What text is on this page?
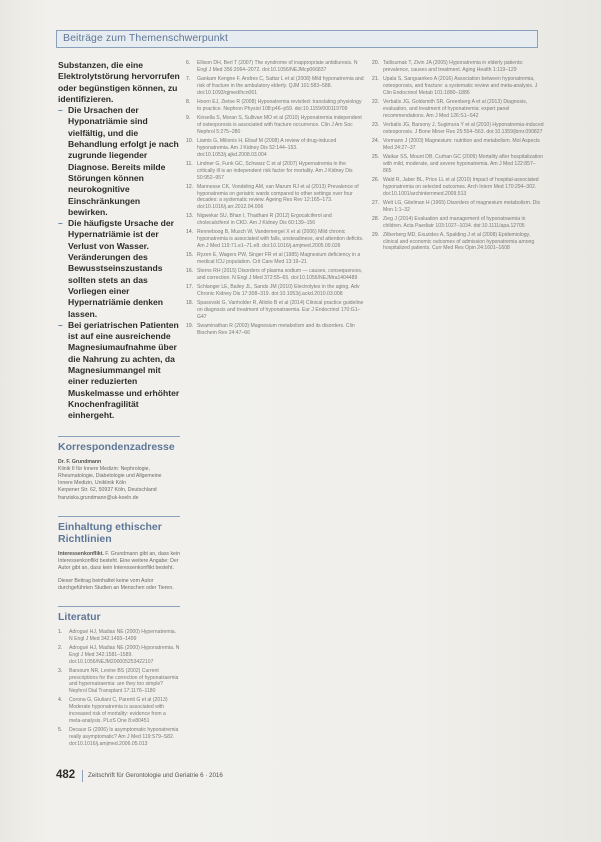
Beiträge zum Themenschwerpunkt

Substanzen, die eine Elektrolytstörung hervorrufen oder begünstigen können, zu identifizieren.

– Die Ursachen der Hyponatriämie sind vielfältig, und die Behandlung erfolgt je nach zugrunde liegender Diagnose. Bereits milde Störungen können neurokognitive Einschränkungen bewirken.
– Die häufigste Ursache der Hypernatriämie ist der Verlust von Wasser. Veränderungen des Bewusstseinszustands sollten stets an das Vorliegen einer Hypernatriämie denken lassen.
– Bei geriatrischen Patienten ist auf eine ausreichende Magnesiumaufnahme über die Nahrung zu achten, da Magnesiummangel mit einer reduzierten Muskelmasse und erhöhter Knochenfragilität einhergeht.
Korrespondenzadresse

Dr. F. Grundmann

Klinik II für Innere Medizin: Nephrologie,

Rheumatologie, Diabetologie und Allgemeine

Innere Medizin, Uniklinik Köln

Kerpener Str. 62, 50937 Köln, Deutschland

franziska.grundmann@uk-koeln.de

Einhaltung ethischer Richtlinien

Interessenkonflikt. F. Grundmann gibt an, dass kein Interessenkonflikt besteht. Eine weitere Angabe: Der Autor gibt an, dass kein Interessenkonflikt besteht.

Dieser Beitrag beinhaltet keine vom Autor durchgeführten Studien an Menschen oder Tieren.

Literatur
1. Adrogué HJ, Madias NE (2000) Hypernatremia. N Engl J Med 342:1493–1499
2. Adrogué HJ, Madias NE (2000) Hyponatremia. N Engl J Med 342:1581–1589. doi:10.1056/NEJM200005253422107
3. Barsoum NR, Levine BS (2002) Current prescriptions for the correction of hyponatraemia and hypernatraemia: are they too simple? Nephrol Dial Transplant 17:1176–1180
4. Corona G, Giuliani C, Parenti G et al (2013) Moderate hyponatremia is associated with increased risk of mortality: evidence from a meta-analysis. PLoS One 8:e80451
5. Decaux G (2006) Is asymptomatic hyponatremia really asymptomatic? Am J Med 119:S79–S82. doi:10.1016/j.amjmed.2006.05.013
6. Ellison DH, Berl T (2007) The syndrome of inappropriate antidiuresis. N Engl J Med 356:2064–2072. doi:10.1056/NEJMcp066837
7. Gankam Kengne F, Andres C, Sattar L et al (2008) Mild hyponatremia and risk of fracture in the ambulatory elderly. QJM 101:583–588. doi:10.1093/qjmed/hcn061
8. Hoorn EJ, Zietse R (2008) Hyponatremia revisited: translating physiology to practice. Nephron Physiol 108:p46–p59. doi:10.1159/000119709
9. Kinsella S, Moran S, Sullivan MO et al (2010) Hyponatremia independent of osteoporosis is associated with fracture occurrence. Clin J Am Soc Nephrol 5:275–280
10. Liamis G, Milionis H, Elisaf M (2008) A review of drug-induced hyponatremia. Am J Kidney Dis 52:144–153. doi:10.1053/j.ajkd.2008.03.004
11. Lindner G, Funk GC, Schwarz C et al (2007) Hypernatremia in the critically ill is an independent risk factor for mortality. Am J Kidney Dis 50:952–957
12. Mannesse CK, Vondeling AM, van Marum RJ et al (2013) Prevalence of hyponatremia on geriatric wards compared to other settings over four decades: a systematic review. Ageing Res Rev 12:165–173. doi:10.1016/j.arr.2012.04.006
13. Nigwekar SU, Bhan I, Thadhani R (2012) Ergocalciferol and cholecalciferol in CKD. Am J Kidney Dis 60:139–156
14. Renneboog B, Musch W, Vandemergel X et al (2006) Mild chronic hyponatremia is associated with falls, unsteadiness, and attention deficits. Am J Med 119:71.e1–71.e8. doi:10.1016/j.amjmed.2005.09.026
15. Ryzen E, Wagers PW, Singer FR et al (1985) Magnesium deficiency in a medical ICU population. Crit Care Med 13:19–21
16. Sterns RH (2015) Disorders of plasma sodium — causes, consequences, and correction. N Engl J Med 372:55–65. doi:10.1056/NEJMra1404489
17. Schlanger LE, Bailey JL, Sands JM (2010) Electrolytes in the aging. Adv Chronic Kidney Dis 17:308–319. doi:10.1053/j.ackd.2010.03.008
18. Spasovski G, Vanholder R, Allolio B et al (2014) Clinical practice guideline on diagnosis and treatment of hyponatraemia. Eur J Endocrinol 170:G1–G47
19. Swaminathan R (2003) Magnesium metabolism and its disorders. Clin Biochem Rev 24:47–66
20. Tatlisumak T, Zivin JA (2005) Hyponatremia in elderly patients: prevalence, causes and treatment. Aging Health 1:119–129
21. Upala S, Sanguankeo A (2016) Association between hyponatremia, osteoporosis, and fracture: a systematic review and meta-analysis. J Clin Endocrinol Metab 101:1880–1886
22. Verbalis JG, Goldsmith SR, Greenberg A et al (2013) Diagnosis, evaluation, and treatment of hyponatremia: expert panel recommendations. Am J Med 126:S1–S42
23. Verbalis JG, Barsony J, Sugimura Y et al (2010) Hyponatremia-induced osteoporosis. J Bone Miner Res 25:554–563. doi:10.1359/jbmr.090827
24. Vormann J (2003) Magnesium: nutrition and metabolism. Mol Aspects Med 24:27–37
25. Waikar SS, Mount DB, Curhan GC (2009) Mortality after hospitalization with mild, moderate, and severe hyponatremia. Am J Med 122:857–865
26. Wald R, Jaber BL, Price LL et al (2010) Impact of hospital-associated hyponatremia on selected outcomes. Arch Intern Med 170:294–302. doi:10.1001/archinternmed.2009.513
27. Welt LG, Gitelman H (1965) Disorders of magnesium metabolism. Dis Mon 1:1–32
28. Zieg J (2014) Evaluation and management of hyponatraemia in children. Acta Paediatr 103:1027–1034. doi:10.1111/apa.12705
29. Zilberberg MD, Exuzides A, Spalding J et al (2008) Epidemiology, clinical and economic outcomes of admission hyponatremia among hospitalized patients. Curr Med Res Opin 24:1601–1608
482 Zeitschrift für Gerontologie und Geriatrie 6 · 2016
